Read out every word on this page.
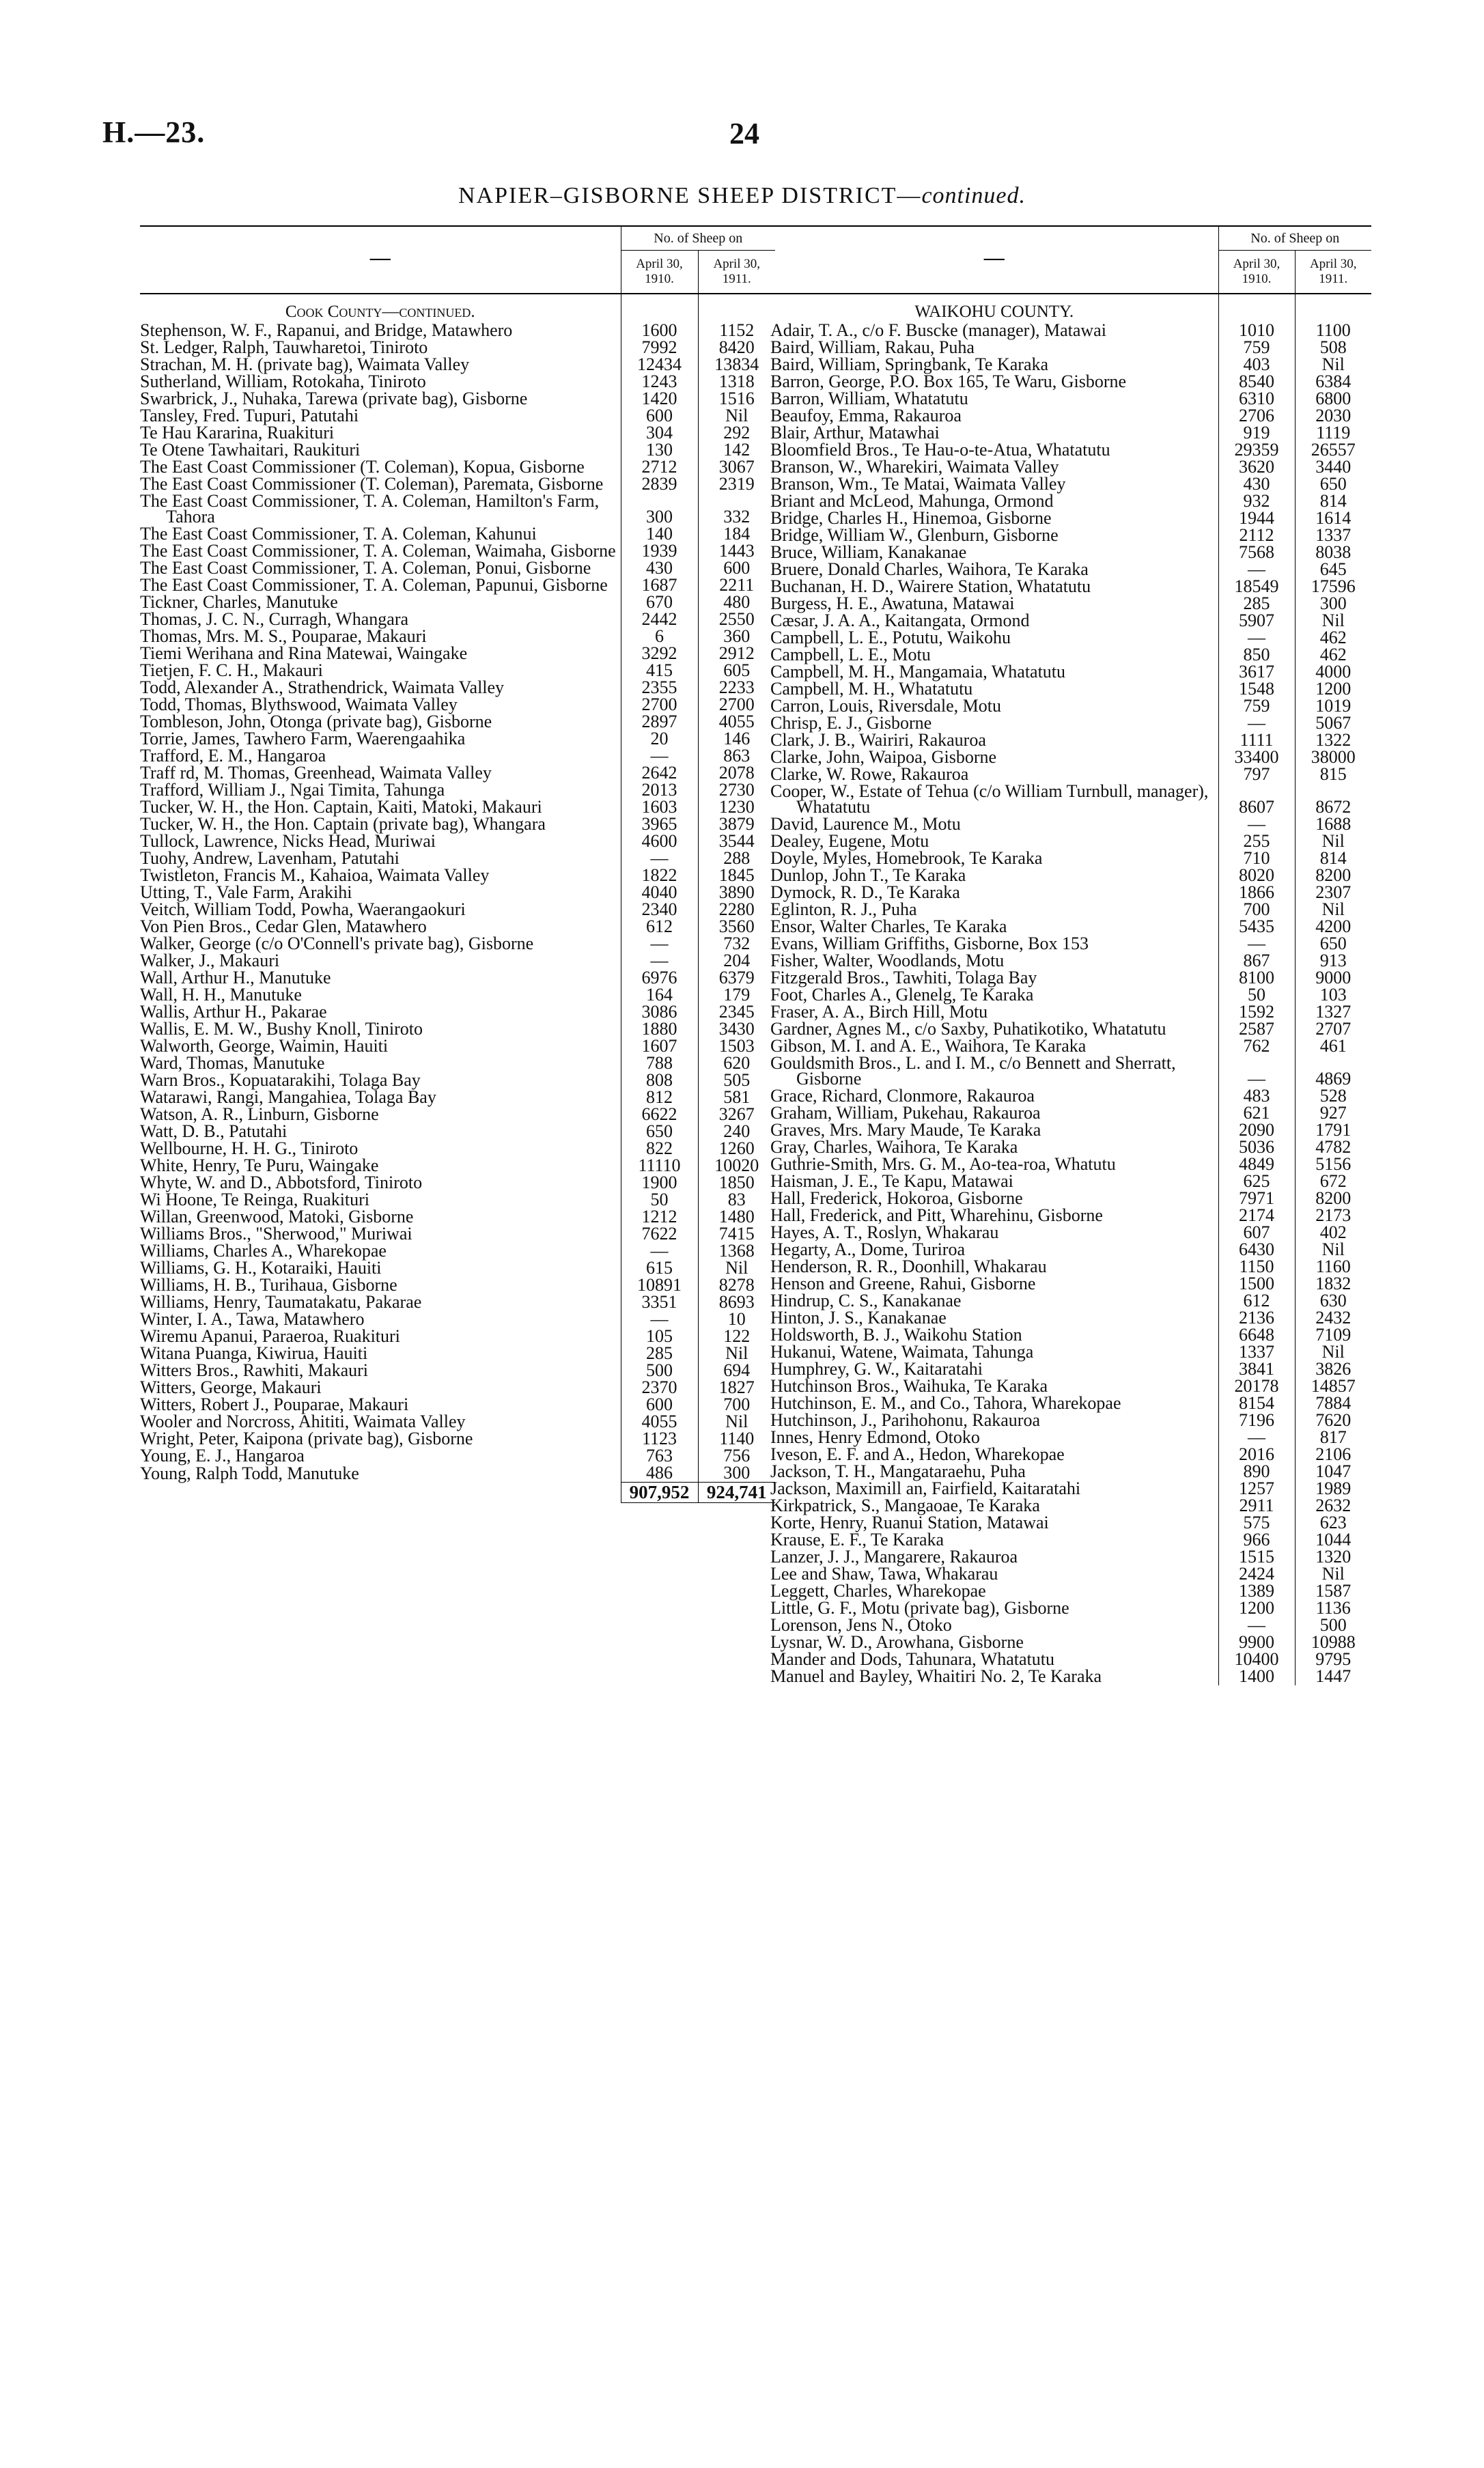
H.—23.	24
NAPIER–GISBORNE SHEEP DISTRICT—continued.
—	No. of Sheep on	
	April 30, 1910.	April 30, 1911.
Cook County—continued.		
Stephenson, W. F., Rapanui, and Bridge, Matawhero	1600	1152
St. Ledger, Ralph, Tauwharetoi, Tiniroto	7992	8420
Strachan, M. H. (private bag), Waimata Valley	12434	13834
Sutherland, William, Rotokaha, Tiniroto	1243	1318
Swarbrick, J., Nuhaka, Tarewa (private bag), Gisborne	1420	1516
Tansley, Fred. Tupuri, Patutahi	600	Nil
Te Hau Kararina, Ruakituri	304	292
Te Otene Tawhaitari, Raukituri	130	142
The East Coast Commissioner (T. Coleman), Kopua, Gisborne	2712	3067
The East Coast Commissioner (T. Coleman), Paremata, Gisborne	2839	2319
The East Coast Commissioner, T. A. Coleman, Hamilton's Farm, Tahora	300	332
The East Coast Commissioner, T. A. Coleman, Kahunui	140	184
The East Coast Commissioner, T. A. Coleman, Waimaha, Gisborne	1939	1443
The East Coast Commissioner, T. A. Coleman, Ponui, Gisborne	430	600
The East Coast Commissioner, T. A. Coleman, Papunui, Gisborne	1687	2211
Tickner, Charles, Manutuke	670	480
Thomas, J. C. N., Curragh, Whangara	2442	2550
Thomas, Mrs. M. S., Pouparae, Makauri	6	360
Tiemi Werihana and Rina Matewai, Waingake	3292	2912
Tietjen, F. C. H., Makauri	415	605
Todd, Alexander A., Strathendrick, Waimata Valley	2355	2233
Todd, Thomas, Blythswood, Waimata Valley	2700	2700
Tombleson, John, Otonga (private bag), Gisborne	2897	4055
Torrie, James, Tawhero Farm, Waerengaahika	20	146
Trafford, E. M., Hangaroa	—	863
Traff rd, M. Thomas, Greenhead, Waimata Valley	2642	2078
Trafford, William J., Ngai Timita, Tahunga	2013	2730
Tucker, W. H., the Hon. Captain, Kaiti, Matoki, Makauri	1603	1230
Tucker, W. H., the Hon. Captain (private bag), Whangara	3965	3879
Tullock, Lawrence, Nicks Head, Muriwai	4600	3544
Tuohy, Andrew, Lavenham, Patutahi	—	288
Twistleton, Francis M., Kahaioa, Waimata Valley	1822	1845
Utting, T., Vale Farm, Arakihi	4040	3890
Veitch, William Todd, Powha, Waerangaokuri	2340	2280
Von Pien Bros., Cedar Glen, Matawhero	612	3560
Walker, George (c/o O'Connell's private bag), Gisborne	—	732
Walker, J., Makauri	—	204
Wall, Arthur H., Manutuke	6976	6379
Wall, H. H., Manutuke	164	179
Wallis, Arthur H., Pakarae	3086	2345
Wallis, E. M. W., Bushy Knoll, Tiniroto	1880	3430
Walworth, George, Waimin, Hauiti	1607	1503
Ward, Thomas, Manutuke	788	620
Warn Bros., Kopuatarakihi, Tolaga Bay	808	505
Watarawi, Rangi, Mangahiea, Tolaga Bay	812	581
Watson, A. R., Linburn, Gisborne	6622	3267
Watt, D. B., Patutahi	650	240
Wellbourne, H. H. G., Tiniroto	822	1260
White, Henry, Te Puru, Waingake	11110	10020
Whyte, W. and D., Abbotsford, Tiniroto	1900	1850
Wi Hoone, Te Reinga, Ruakituri	50	83
Willan, Greenwood, Matoki, Gisborne	1212	1480
Williams Bros., "Sherwood," Muriwai	7622	7415
Williams, Charles A., Wharekopae	—	1368
Williams, G. H., Kotaraiki, Hauiti	615	Nil
Williams, H. B., Turihaua, Gisborne	10891	8278
Williams, Henry, Taumatakatu, Pakarae	3351	8693
Winter, I. A., Tawa, Matawhero	—	10
Wiremu Apanui, Paraeroa, Ruakituri	105	122
Witana Puanga, Kiwirua, Hauiti	285	Nil
Witters Bros., Rawhiti, Makauri	500	694
Witters, George, Makauri	2370	1827
Witters, Robert J., Pouparae, Makauri	600	700
Wooler and Norcross, Ahititi, Waimata Valley	4055	Nil
Wright, Peter, Kaipona (private bag), Gisborne	1123	1140
Young, E. J., Hangaroa	763	756
Young, Ralph Todd, Manutuke	486	300
	907,952	924,741
—	No. of Sheep on	
	April 30, 1910.	April 30, 1911.
WAIKOHU COUNTY.		
Adair, T. A., c/o F. Buscke (manager), Matawai	1010	1100
Baird, William, Rakau, Puha	759	508
Baird, William, Springbank, Te Karaka	403	Nil
Barron, George, P.O. Box 165, Te Waru, Gisborne	8540	6384
Barron, William, Whatatutu	6310	6800
Beaufoy, Emma, Rakauroa	2706	2030
Blair, Arthur, Matawhai	919	1119
Bloomfield Bros., Te Hau-o-te-Atua, Whatatutu	29359	26557
Branson, W., Wharekiri, Waimata Valley	3620	3440
Branson, Wm., Te Matai, Waimata Valley	430	650
Briant and McLeod, Mahunga, Ormond	932	814
Bridge, Charles H., Hinemoa, Gisborne	1944	1614
Bridge, William W., Glenburn, Gisborne	2112	1337
Bruce, William, Kanakanae	7568	8038
Bruere, Donald Charles, Waihora, Te Karaka	—	645
Buchanan, H. D., Wairere Station, Whatatutu	18549	17596
Burgess, H. E., Awatuna, Matawai	285	300
Cæsar, J. A. A., Kaitangata, Ormond	5907	Nil
Campbell, L. E., Potutu, Waikohu	—	462
Campbell, L. E., Motu	850	462
Campbell, M. H., Mangamaia, Whatatutu	3617	4000
Campbell, M. H., Whatatutu	1548	1200
Carron, Louis, Riversdale, Motu	759	1019
Chrisp, E. J., Gisborne	—	5067
Clark, J. B., Wairiri, Rakauroa	1111	1322
Clarke, John, Waipoa, Gisborne	33400	38000
Clarke, W. Rowe, Rakauroa	797	815
Cooper, W., Estate of Tehua (c/o William Turnbull, manager), Whatatutu	8607	8672
David, Laurence M., Motu	—	1688
Dealey, Eugene, Motu	255	Nil
Doyle, Myles, Homebrook, Te Karaka	710	814
Dunlop, John T., Te Karaka	8020	8200
Dymock, R. D., Te Karaka	1866	2307
Eglinton, R. J., Puha	700	Nil
Ensor, Walter Charles, Te Karaka	5435	4200
Evans, William Griffiths, Gisborne, Box 153	—	650
Fisher, Walter, Woodlands, Motu	867	913
Fitzgerald Bros., Tawhiti, Tolaga Bay	8100	9000
Foot, Charles A., Glenelg, Te Karaka	50	103
Fraser, A. A., Birch Hill, Motu	1592	1327
Gardner, Agnes M., c/o Saxby, Puhatikotiko, Whatatutu	2587	2707
Gibson, M. I. and A. E., Waihora, Te Karaka	762	461
Gouldsmith Bros., L. and I. M., c/o Bennett and Sherratt, Gisborne	—	4869
Grace, Richard, Clonmore, Rakauroa	483	528
Graham, William, Pukehau, Rakauroa	621	927
Graves, Mrs. Mary Maude, Te Karaka	2090	1791
Gray, Charles, Waihora, Te Karaka	5036	4782
Guthrie-Smith, Mrs. G. M., Ao-tea-roa, Whatutu	4849	5156
Haisman, J. E., Te Kapu, Matawai	625	672
Hall, Frederick, Hokoroa, Gisborne	7971	8200
Hall, Frederick, and Pitt, Wharehinu, Gisborne	2174	2173
Hayes, A. T., Roslyn, Whakarau	607	402
Hegarty, A., Dome, Turiroa	6430	Nil
Henderson, R. R., Doonhill, Whakarau	1150	1160
Henson and Greene, Rahui, Gisborne	1500	1832
Hindrup, C. S., Kanakanae	612	630
Hinton, J. S., Kanakanae	2136	2432
Holdsworth, B. J., Waikohu Station	6648	7109
Hukanui, Watene, Waimata, Tahunga	1337	Nil
Humphrey, G. W., Kaitaratahi	3841	3826
Hutchinson Bros., Waihuka, Te Karaka	20178	14857
Hutchinson, E. M., and Co., Tahora, Wharekopae	8154	7884
Hutchinson, J., Parihohonu, Rakauroa	7196	7620
Innes, Henry Edmond, Otoko	—	817
Iveson, E. F. and A., Hedon, Wharekopae	2016	2106
Jackson, T. H., Mangataraehu, Puha	890	1047
Jackson, Maximill an, Fairfield, Kaitaratahi	1257	1989
Kirkpatrick, S., Mangaoae, Te Karaka	2911	2632
Korte, Henry, Ruanui Station, Matawai	575	623
Krause, E. F., Te Karaka	966	1044
Lanzer, J. J., Mangarere, Rakauroa	1515	1320
Lee and Shaw, Tawa, Whakarau	2424	Nil
Leggett, Charles, Wharekopae	1389	1587
Little, G. F., Motu (private bag), Gisborne	1200	1136
Lorenson, Jens N., Otoko	—	500
Lysnar, W. D., Arowhana, Gisborne	9900	10988
Mander and Dods, Tahunara, Whatatutu	10400	9795
Manuel and Bayley, Whaitiri No. 2, Te Karaka	1400	1447
